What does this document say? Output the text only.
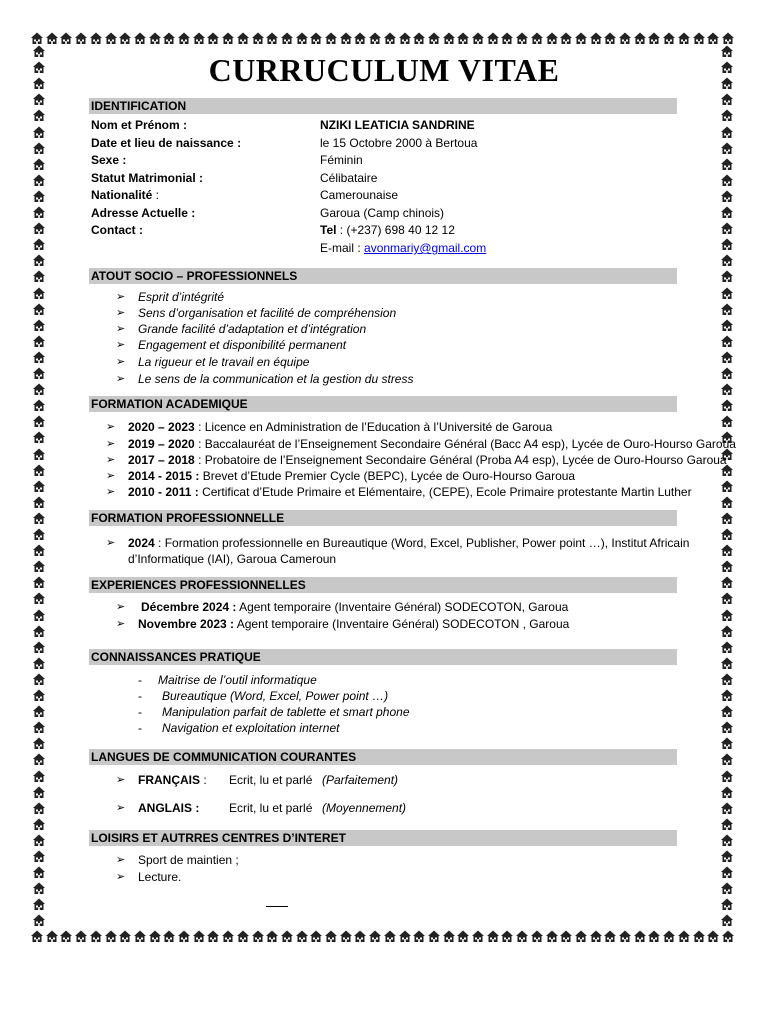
CURRUCULUM VITAE
IDENTIFICATION
Nom et Prénom :	NZIKI LEATICIA SANDRINE
Date et lieu de naissance :	le 15 Octobre 2000 à Bertoua
Sexe :	Féminin
Statut Matrimonial :	Célibataire
Nationalité :	Camerounaise
Adresse Actuelle :	Garoua (Camp chinois)
Contact :	Tel : (+237) 698 40 12 12
E-mail : avonmariy@gmail.com
ATOUT SOCIO – PROFESSIONNELS
➢ Esprit d’intégrité
➢ Sens d’organisation et facilité de compréhension
➢ Grande facilité d’adaptation et d’intégration
➢ Engagement et disponibilité permanent
➢ La rigueur et le travail en équipe
➢ Le sens de la communication et la gestion du stress
FORMATION ACADEMIQUE
➢ 2020 – 2023 : Licence en Administration de l’Education à l’Université de Garoua
➢ 2019 – 2020 : Baccalauréat de l’Enseignement Secondaire Général (Bacc A4 esp), Lycée de Ouro-Hourso Garoua
➢ 2017 – 2018 : Probatoire de l’Enseignement Secondaire Général (Proba A4 esp), Lycée de Ouro-Hourso Garoua
➢ 2014 - 2015 : Brevet d’Etude Premier Cycle (BEPC), Lycée de Ouro-Hourso Garoua
➢ 2010 - 2011 : Certificat d’Etude Primaire et Elémentaire, (CEPE), Ecole Primaire protestante Martin Luther
FORMATION PROFESSIONNELLE
➢ 2024 : Formation professionnelle en Bureautique (Word, Excel, Publisher, Power point …), Institut Africain
d’Informatique (IAI), Garoua Cameroun
EXPERIENCES PROFESSIONNELLES
➢ Décembre 2024 : Agent temporaire (Inventaire Général) SODECOTON, Garoua
➢ Novembre 2023 : Agent temporaire (Inventaire Général) SODECOTON , Garoua
CONNAISSANCES PRATIQUE
- Maitrise de l’outil informatique
- Bureautique (Word, Excel, Power point …)
- Manipulation parfait de tablette et smart phone
- Navigation et exploitation internet
LANGUES DE COMMUNICATION COURANTES
➢ FRANÇAIS : Ecrit, lu et parlé (Parfaitement)
➢ ANGLAIS : Ecrit, lu et parlé (Moyennement)
LOISIRS ET AUTRRES CENTRES D’INTERET
➢ Sport de maintien ;
➢ Lecture.
